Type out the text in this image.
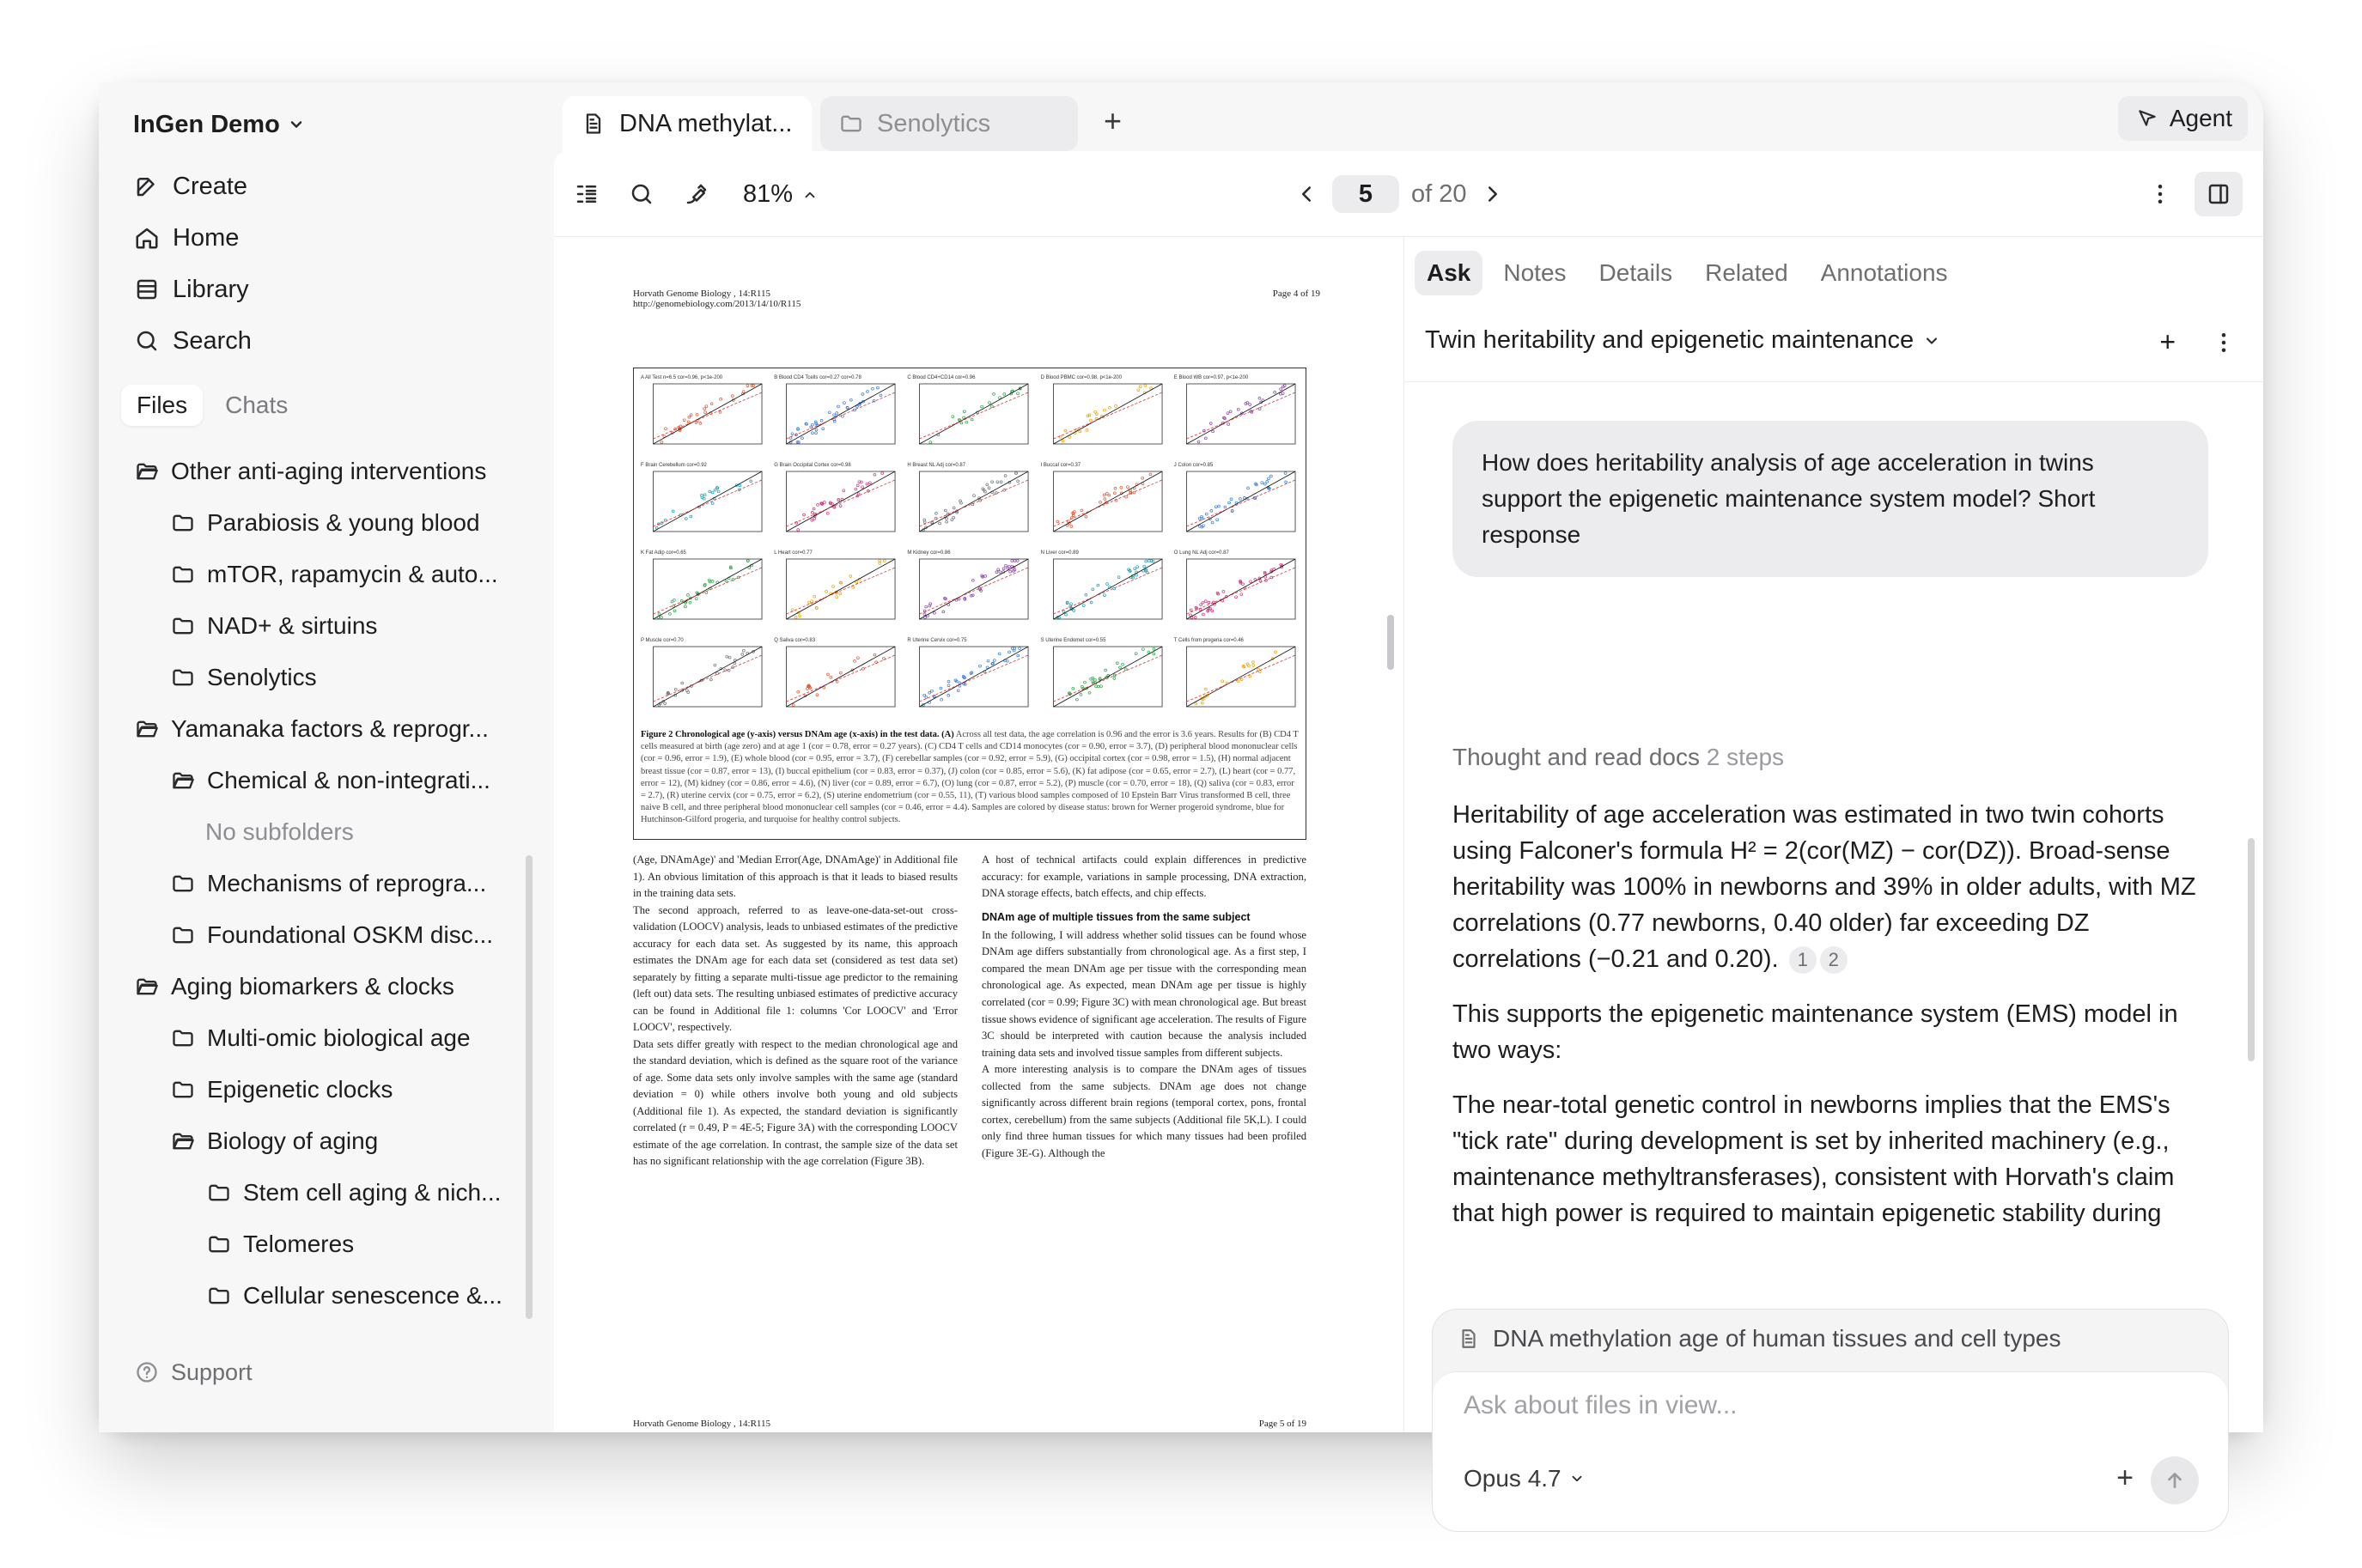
InGen Demo
Create
Home
Library
Search
Files	Chats
Other anti-aging interventions
Parabiosis & young blood
mTOR, rapamycin & auto...
NAD+ & sirtuins
Senolytics
Yamanaka factors & reprogr...
Chemical & non-integrati...
No subfolders
Mechanisms of reprogra...
Foundational OSKM disc...
Aging biomarkers & clocks
Multi-omic biological age
Epigenetic clocks
Biology of aging
Stem cell aging & nich...
Telomeres
Cellular senescence &...
Support
DNA methylat...	Senolytics	+	Agent
81%	5	of 20
Horvath Genome Biology , 14:R115
http://genomebiology.com/2013/14/10/R115
Page 4 of 19
A All Test n=6.5 cor=0.96, p<1e-200	B Blood CD4 Tcells cor=0.27 cor=0.78	C Blood CD4+CD14 cor=0.96	D Blood PBMC cor=0.98, p<1e-200	E Blood WB cor=0.97, p<1e-200
F Brain Cerebellum cor=0.92	G Brain Occipital Cortex cor=0.98	H Breast NL Adj cor=0.87	I Buccal cor=0.37	J Colon cor=0.85
K Fat Adip cor=0.65	L Heart cor=0.77	M Kidney cor=0.86	N Liver cor=0.89	O Lung NL Adj cor=0.87
P Muscle cor=0.70	Q Saliva cor=0.83	R Uterine Cervix cor=0.75	S Uterine Endomet cor=0.55	T Cells from progeria cor=0.46
Figure 2 Chronological age (y-axis) versus DNAm age (x-axis) in the test data. (A) Across all test data, the age correlation is 0.96 and the error is 3.6 years. Results for (B) CD4 T cells measured at birth (age zero) and at age 1 (cor = 0.78, error = 0.27 years). (C) CD4 T cells and CD14 monocytes (cor = 0.90, error = 3.7), (D) peripheral blood mononuclear cells (cor = 0.96, error = 1.9), (E) whole blood (cor = 0.95, error = 3.7), (F) cerebellar samples (cor = 0.92, error = 5.9), (G) occipital cortex (cor = 0.98, error = 1.5), (H) normal adjacent breast tissue (cor = 0.87, error = 13), (I) buccal epithelium (cor = 0.83, error = 0.37), (J) colon (cor = 0.85, error = 5.6), (K) fat adipose (cor = 0.65, error = 2.7), (L) heart (cor = 0.77, error = 12), (M) kidney (cor = 0.86, error = 4.6), (N) liver (cor = 0.89, error = 6.7), (O) lung (cor = 0.87, error = 5.2), (P) muscle (cor = 0.70, error = 18), (Q) saliva (cor = 0.83, error = 2.7), (R) uterine cervix (cor = 0.75, error = 6.2), (S) uterine endometrium (cor = 0.55, 11), (T) various blood samples composed of 10 Epstein Barr Virus transformed B cell, three naive B cell, and three peripheral blood mononuclear cell samples (cor = 0.46, error = 4.4). Samples are colored by disease status: brown for Werner progeroid syndrome, blue for Hutchinson-Gilford progeria, and turquoise for healthy control subjects.
(Age, DNAmAge)' and 'Median Error(Age, DNAmAge)' in Additional file 1). An obvious limitation of this approach is that it leads to biased results in the training data sets.
The second approach, referred to as leave-one-data-set-out cross-validation (LOOCV) analysis, leads to unbiased estimates of the predictive accuracy for each data set. As suggested by its name, this approach estimates the DNAm age for each data set (considered as test data set) separately by fitting a separate multi-tissue age predictor to the remaining (left out) data sets. The resulting unbiased estimates of predictive accuracy can be found in Additional file 1: columns 'Cor LOOCV' and 'Error LOOCV', respectively.
Data sets differ greatly with respect to the median chronological age and the standard deviation, which is defined as the square root of the variance of age. Some data sets only involve samples with the same age (standard deviation = 0) while others involve both young and old subjects (Additional file 1). As expected, the standard deviation is significantly correlated (r = 0.49, P = 4E-5; Figure 3A) with the corresponding LOOCV estimate of the age correlation. In contrast, the sample size of the data set has no significant relationship with the age correlation (Figure 3B).
A host of technical artifacts could explain differences in predictive accuracy: for example, variations in sample processing, DNA extraction, DNA storage effects, batch effects, and chip effects.
DNAm age of multiple tissues from the same subject
In the following, I will address whether solid tissues can be found whose DNAm age differs substantially from chronological age. As a first step, I compared the mean DNAm age per tissue with the corresponding mean chronological age. As expected, mean DNAm age per tissue is highly correlated (cor = 0.99; Figure 3C) with mean chronological age. But breast tissue shows evidence of significant age acceleration. The results of Figure 3C should be interpreted with caution because the analysis included training data sets and involved tissue samples from different subjects.
A more interesting analysis is to compare the DNAm ages of tissues collected from the same subjects. DNAm age does not change significantly across different brain regions (temporal cortex, pons, frontal cortex, cerebellum) from the same subjects (Additional file 5K,L). I could only find three human tissues for which many tissues had been profiled (Figure 3E-G). Although the
Horvath Genome Biology , 14:R115	Page 5 of 19
Ask	Notes	Details	Related	Annotations
Twin heritability and epigenetic maintenance	+
How does heritability analysis of age acceleration in twins support the epigenetic maintenance system model? Short response
Thought and read docs 2 steps

Heritability of age acceleration was estimated in two twin cohorts using Falconer's formula H² = 2(cor(MZ) − cor(DZ)). Broad-sense heritability was 100% in newborns and 39% in older adults, with MZ correlations (0.77 newborns, 0.40 older) far exceeding DZ correlations (−0.21 and 0.20). 1 2

This supports the epigenetic maintenance system (EMS) model in two ways:

The near-total genetic control in newborns implies that the EMS's "tick rate" during development is set by inherited machinery (e.g., maintenance methyltransferases), consistent with Horvath's claim that high power is required to maintain epigenetic stability during

DNA methylation age of human tissues and cell types
Ask about files in view...
Opus 4.7	+
